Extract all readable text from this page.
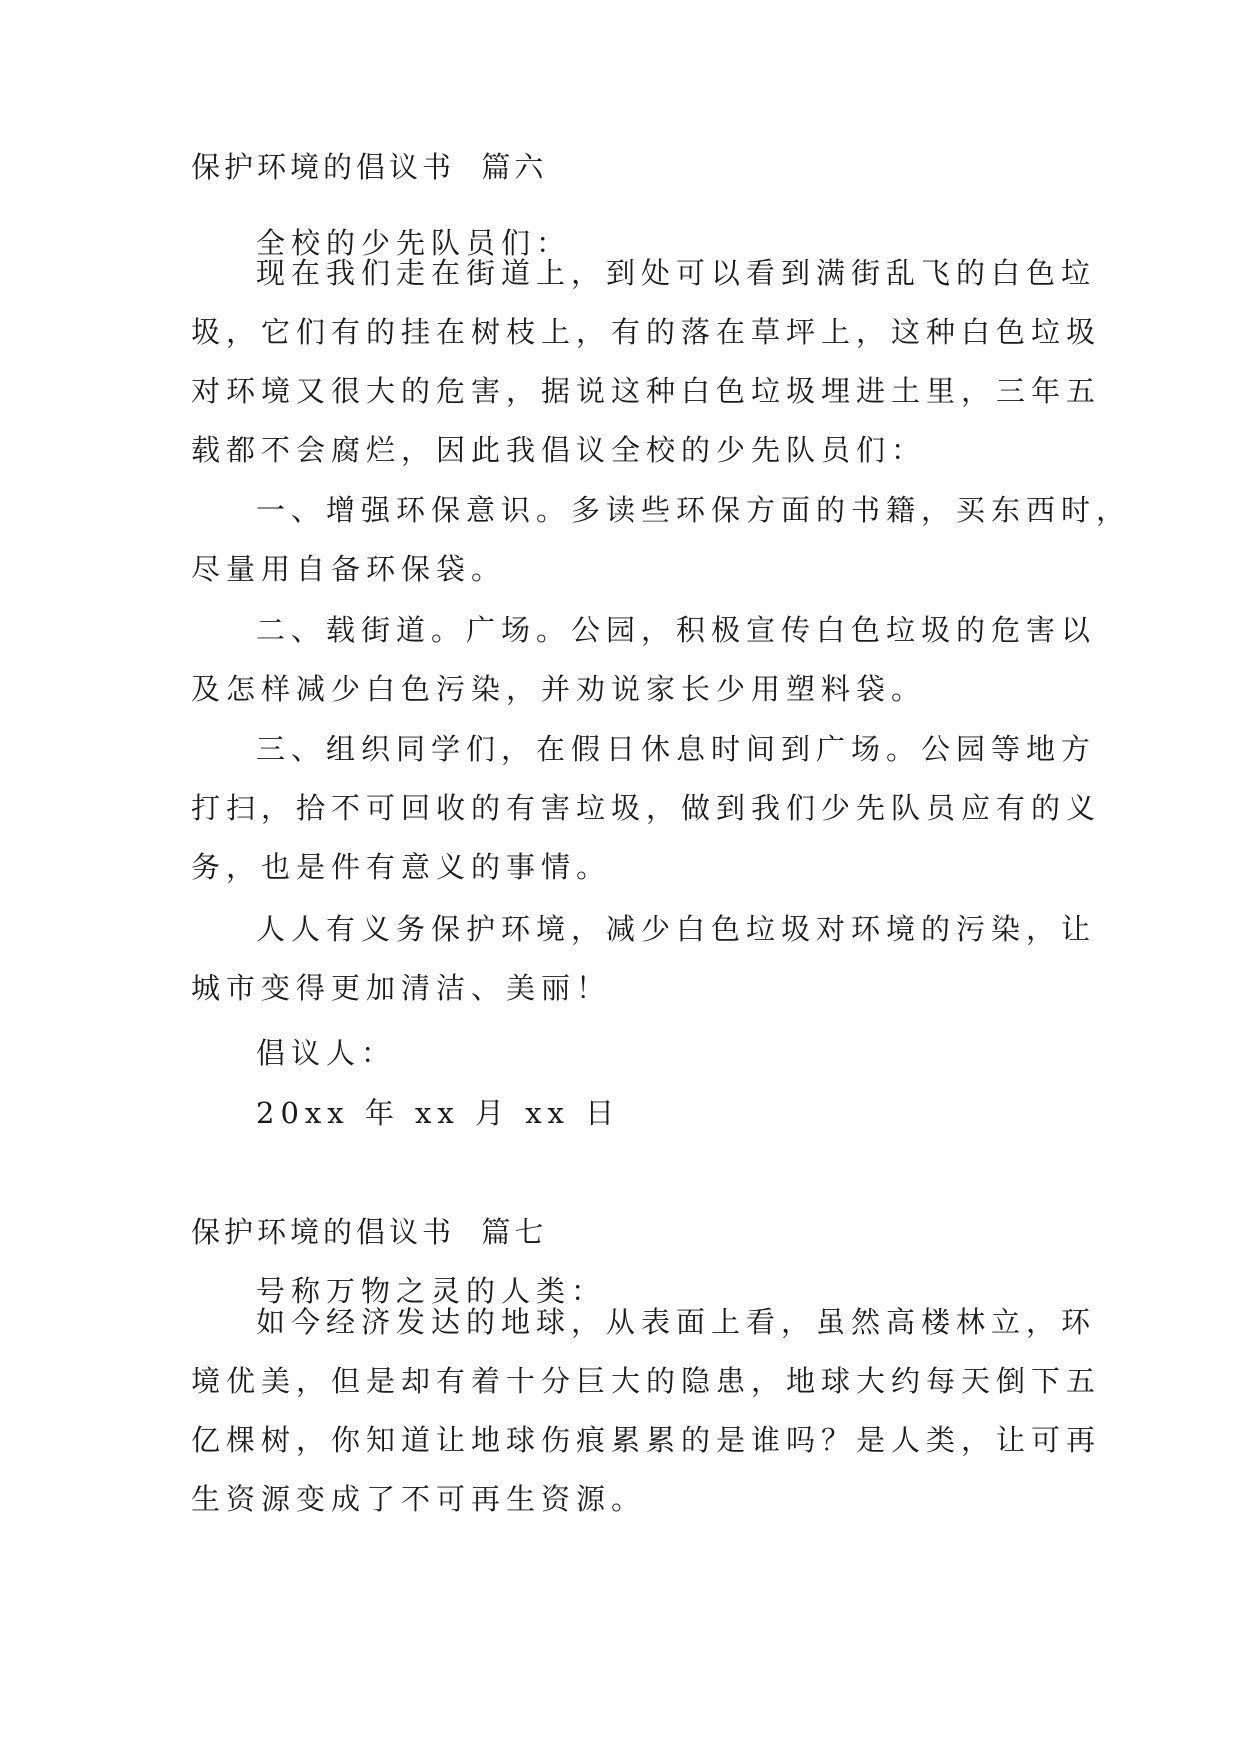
保护环境的倡议书  篇六

全校的少先队员们：

现在我们走在街道上，到处可以看到满街乱飞的白色垃
圾，它们有的挂在树枝上，有的落在草坪上，这种白色垃圾
对环境又很大的危害，据说这种白色垃圾埋进土里，三年五
载都不会腐烂，因此我倡议全校的少先队员们：
一、增强环保意识。多读些环保方面的书籍，买东西时，
尽量用自备环保袋。
二、载街道。广场。公园，积极宣传白色垃圾的危害以
及怎样减少白色污染，并劝说家长少用塑料袋。
三、组织同学们，在假日休息时间到广场。公园等地方
打扫，拾不可回收的有害垃圾，做到我们少先队员应有的义
务，也是件有意义的事情。
人人有义务保护环境，减少白色垃圾对环境的污染，让
城市变得更加清洁、美丽！

倡议人：

20xx 年 xx 月 xx 日

保护环境的倡议书  篇七

号称万物之灵的人类：

如今经济发达的地球，从表面上看，虽然高楼林立，环
境优美，但是却有着十分巨大的隐患，地球大约每天倒下五
亿棵树，你知道让地球伤痕累累的是谁吗？是人类，让可再
生资源变成了不可再生资源。
